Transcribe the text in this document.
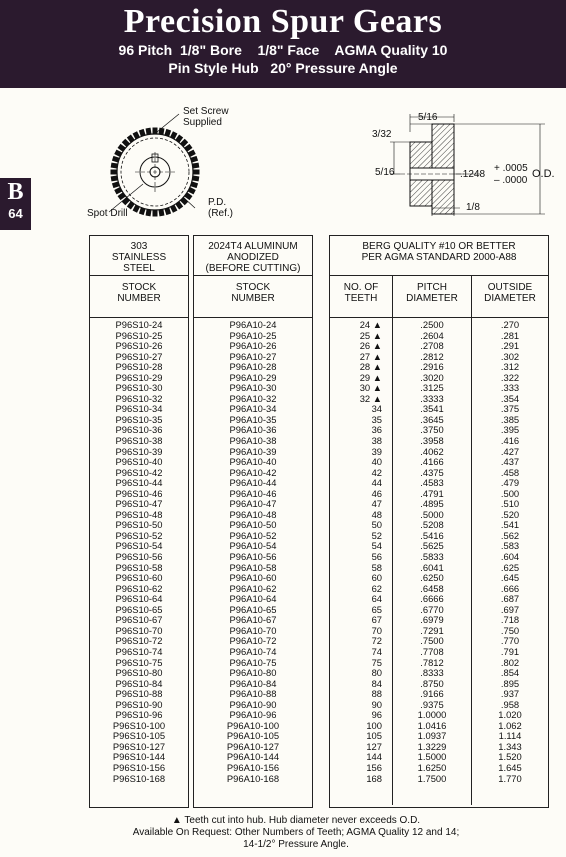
Precision Spur Gears
96 Pitch  1/8" Bore    1/8" Face    AGMA Quality 10
Pin Style Hub   20° Pressure Angle
B
64
Set Screw
Supplied
Spot Drill
P.D.
(Ref.)
5/16
3/32
5/16	.1248
+ .0005
– .0000
O.D.
1/8
303
STAINLESS
STEEL
STOCK
NUMBER
P96S10-24
P96S10-25
P96S10-26
P96S10-27
P96S10-28
P96S10-29
P96S10-30
P96S10-32
P96S10-34
P96S10-35
P96S10-36
P96S10-38
P96S10-39
P96S10-40
P96S10-42
P96S10-44
P96S10-46
P96S10-47
P96S10-48
P96S10-50
P96S10-52
P96S10-54
P96S10-56
P96S10-58
P96S10-60
P96S10-62
P96S10-64
P96S10-65
P96S10-67
P96S10-70
P96S10-72
P96S10-74
P96S10-75
P96S10-80
P96S10-84
P96S10-88
P96S10-90
P96S10-96
P96S10-100
P96S10-105
P96S10-127
P96S10-144
P96S10-156
P96S10-168
2024T4 ALUMINUM
ANODIZED
(BEFORE CUTTING)
STOCK
NUMBER
P96A10-24
P96A10-25
P96A10-26
P96A10-27
P96A10-28
P96A10-29
P96A10-30
P96A10-32
P96A10-34
P96A10-35
P96A10-36
P96A10-38
P96A10-39
P96A10-40
P96A10-42
P96A10-44
P96A10-46
P96A10-47
P96A10-48
P96A10-50
P96A10-52
P96A10-54
P96A10-56
P96A10-58
P96A10-60
P96A10-62
P96A10-64
P96A10-65
P96A10-67
P96A10-70
P96A10-72
P96A10-74
P96A10-75
P96A10-80
P96A10-84
P96A10-88
P96A10-90
P96A10-96
P96A10-100
P96A10-105
P96A10-127
P96A10-144
P96A10-156
P96A10-168
BERG QUALITY #10 OR BETTER
PER AGMA STANDARD 2000-A88
NO. OF
TEETH
24 ▲
25 ▲
26 ▲
27 ▲
28 ▲
29 ▲
30 ▲
32 ▲
34
35
36
38
39
40
42
44
46
47
48
50
52
54
56
58
60
62
64
65
67
70
72
74
75
80
84
88
90
96
100
105
127
144
156
168
PITCH
DIAMETER
.2500
.2604
.2708
.2812
.2916
.3020
.3125
.3333
.3541
.3645
.3750
.3958
.4062
.4166
.4375
.4583
.4791
.4895
.5000
.5208
.5416
.5625
.5833
.6041
.6250
.6458
.6666
.6770
.6979
.7291
.7500
.7708
.7812
.8333
.8750
.9166
.9375
1.0000
1.0416
1.0937
1.3229
1.5000
1.6250
1.7500
OUTSIDE
DIAMETER
.270
.281
.291
.302
.312
.322
.333
.354
.375
.385
.395
.416
.427
.437
.458
.479
.500
.510
.520
.541
.562
.583
.604
.625
.645
.666
.687
.697
.718
.750
.770
.791
.802
.854
.895
.937
.958
1.020
1.062
1.114
1.343
1.520
1.645
1.770
▲ Teeth cut into hub. Hub diameter never exceeds O.D.
Available On Request: Other Numbers of Teeth; AGMA Quality 12 and 14;
14-1/2° Pressure Angle.
